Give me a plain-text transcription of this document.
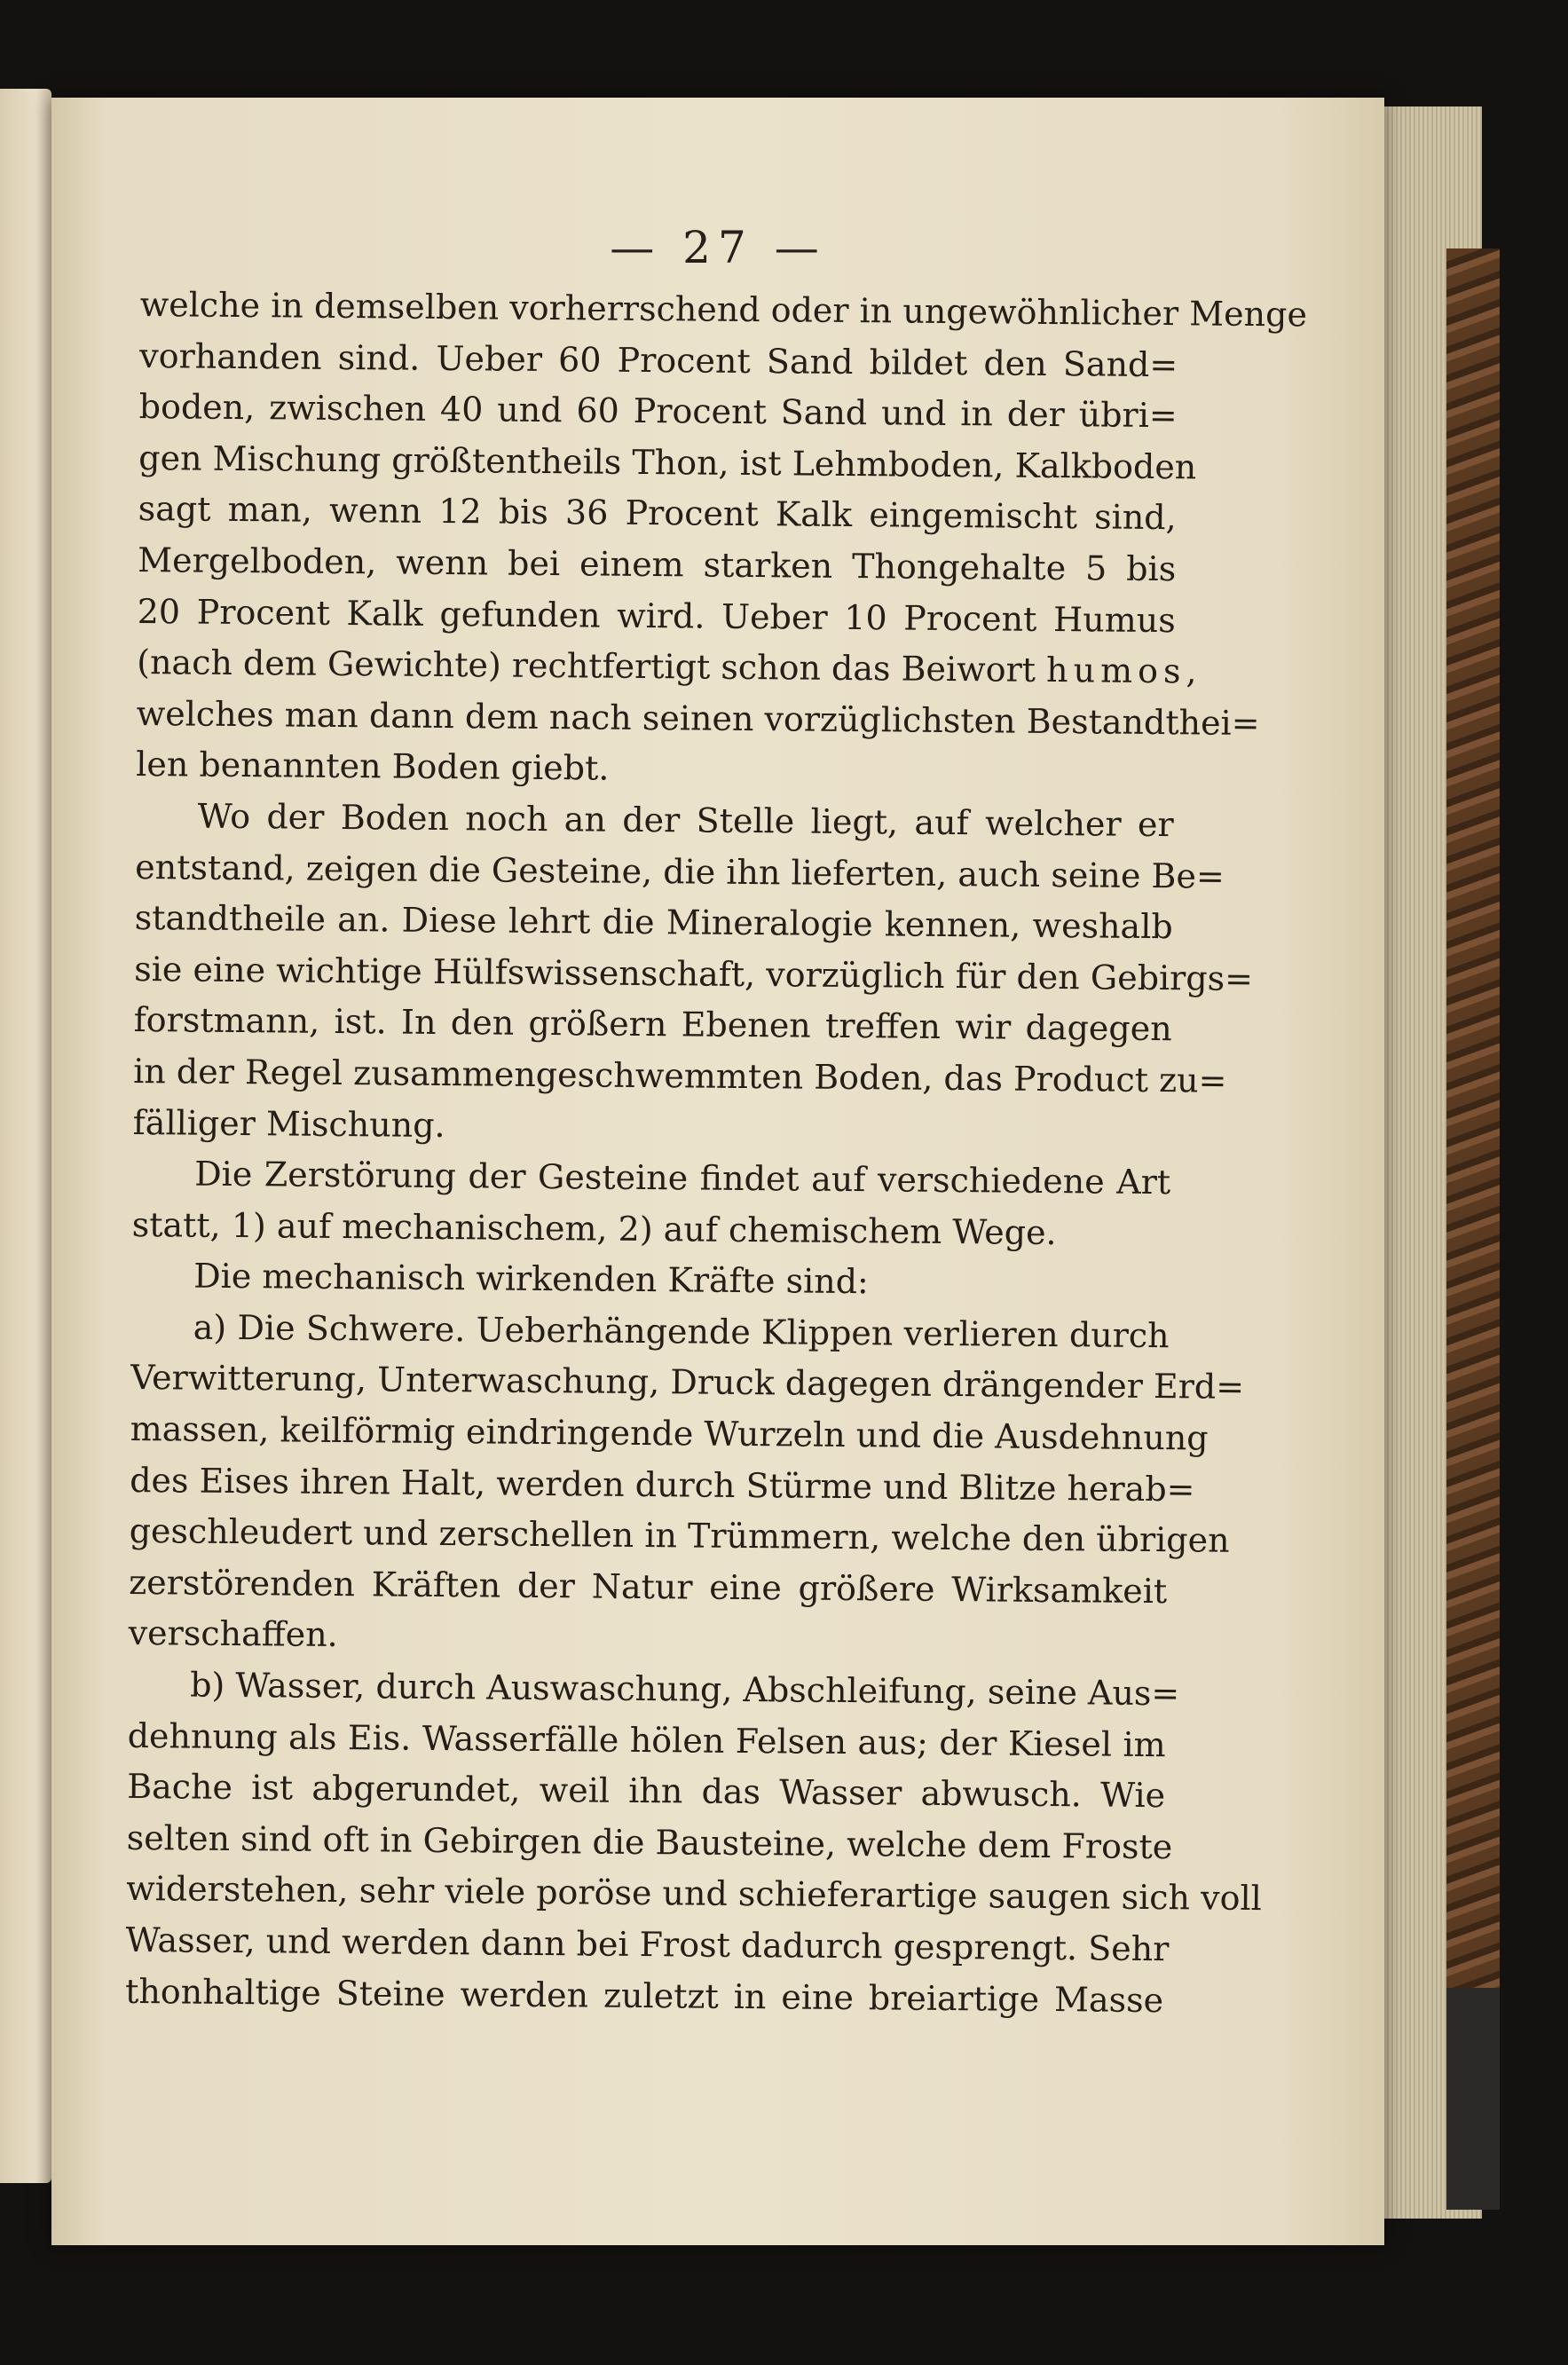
— 27 —
welche in demselben vorherrschend oder in ungewöhnlicher Menge
vorhanden sind. Ueber 60 Procent Sand bildet den Sand=
boden, zwischen 40 und 60 Procent Sand und in der übri=
gen Mischung größtentheils Thon, ist Lehmboden, Kalkboden
sagt man, wenn 12 bis 36 Procent Kalk eingemischt sind,
Mergelboden, wenn bei einem starken Thongehalte 5 bis
20 Procent Kalk gefunden wird. Ueber 10 Procent Humus
(nach dem Gewichte) rechtfertigt schon das Beiwort humos,
welches man dann dem nach seinen vorzüglichsten Bestandthei=
len benannten Boden giebt.
Wo der Boden noch an der Stelle liegt, auf welcher er
entstand, zeigen die Gesteine, die ihn lieferten, auch seine Be=
standtheile an. Diese lehrt die Mineralogie kennen, weshalb
sie eine wichtige Hülfswissenschaft, vorzüglich für den Gebirgs=
forstmann, ist. In den größern Ebenen treffen wir dagegen
in der Regel zusammengeschwemmten Boden, das Product zu=
fälliger Mischung.
Die Zerstörung der Gesteine findet auf verschiedene Art
statt, 1) auf mechanischem, 2) auf chemischem Wege.
Die mechanisch wirkenden Kräfte sind:
a) Die Schwere. Ueberhängende Klippen verlieren durch
Verwitterung, Unterwaschung, Druck dagegen drängender Erd=
massen, keilförmig eindringende Wurzeln und die Ausdehnung
des Eises ihren Halt, werden durch Stürme und Blitze herab=
geschleudert und zerschellen in Trümmern, welche den übrigen
zerstörenden Kräften der Natur eine größere Wirksamkeit
verschaffen.
b) Wasser, durch Auswaschung, Abschleifung, seine Aus=
dehnung als Eis. Wasserfälle hölen Felsen aus; der Kiesel im
Bache ist abgerundet, weil ihn das Wasser abwusch. Wie
selten sind oft in Gebirgen die Bausteine, welche dem Froste
widerstehen, sehr viele poröse und schieferartige saugen sich voll
Wasser, und werden dann bei Frost dadurch gesprengt. Sehr
thonhaltige Steine werden zuletzt in eine breiartige Masse
